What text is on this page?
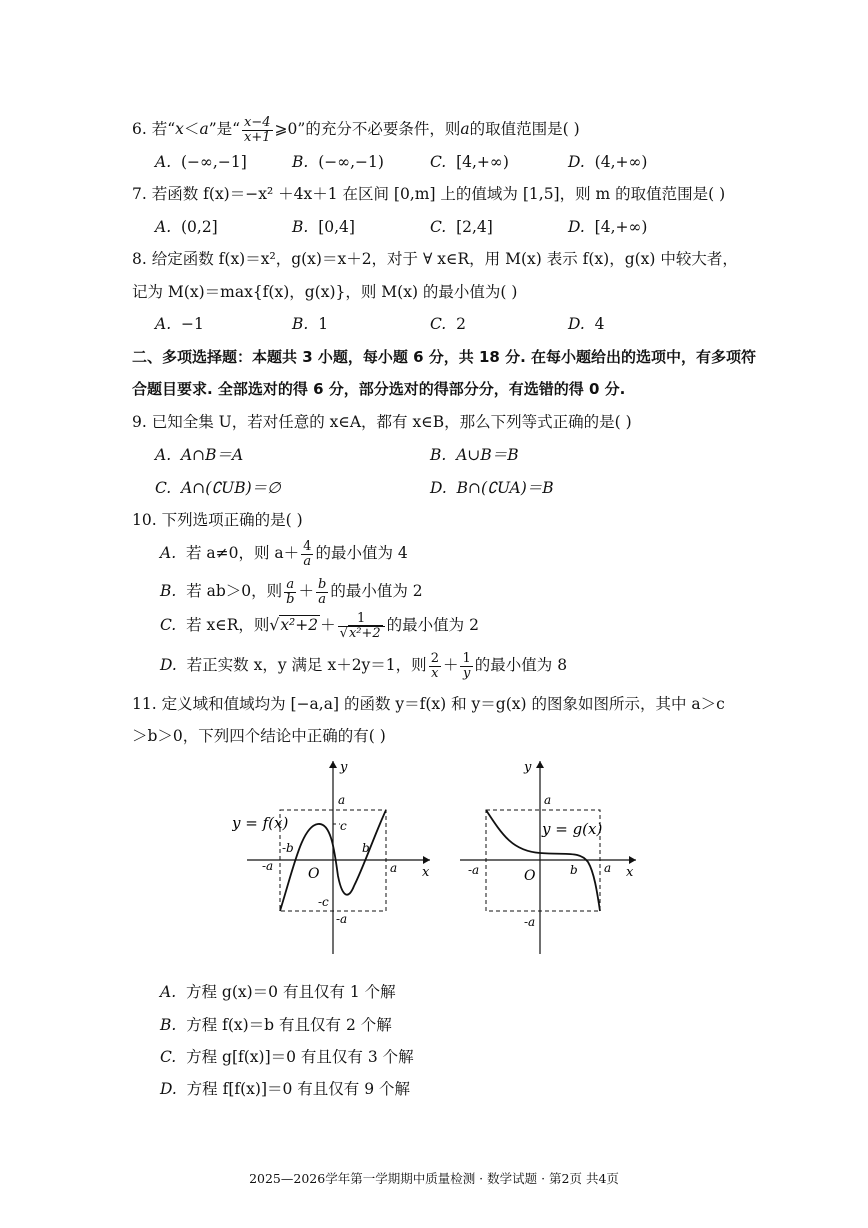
6. 若“x＜a”是“ $\frac{x-4}{x+1}$ ⩾0”的充分不必要条件，则a的取值范围是( )
A. (−∞,−1]	B. (−∞,−1)	C. [4,+∞)	D. (4,+∞)
7. 若函数 f(x)＝−x² ＋4x＋1 在区间 [0,m] 上的值域为 [1,5]，则 m 的取值范围是( )
A. (0,2]	B. [0,4]	C. [2,4]	D. [4,+∞)
8. 给定函数 f(x)＝x²，g(x)＝x＋2，对于 ∀ x∈R，用 M(x) 表示 f(x)，g(x) 中较大者，
记为 M(x)＝max{f(x)，g(x)}，则 M(x) 的最小值为( )
A. −1	B. 1	C. 2	D. 4
二、多项选择题：本题共 3 小题，每小题 6 分，共 18 分. 在每小题给出的选项中，有多项符
合题目要求. 全部选对的得 6 分，部分选对的得部分分，有选错的得 0 分.
9. 已知全集 U，若对任意的 x∈A，都有 x∈B，那么下列等式正确的是( )
A. A∩B＝A	B. A∪B＝B
C. A∩(∁UB)＝∅	D. B∩(∁UA)＝B
10. 下列选项正确的是( )
A. 若 a≠0，则 $a+ \frac{4}{a}$ 的最小值为 4
B. 若 ab＞0，则 $\frac{a}{b} + \frac{b}{a}$ 的最小值为 2
C. 若 x∈R，则$√x^2+2 + \frac{1}{\text{√x²+2}}$ 的最小值为 2
D. 若正实数 x，y 满足 x＋2y＝1，则 $\frac{2}{x} + \frac{1}{y}$ 的最小值为 8
11. 定义域和值域均为 [−a,a] 的函数 y＝f(x) 和 y＝g(x) 的图象如图所示，其中 a＞c
＞b＞0，下列四个结论中正确的有( )
y = f(x)
y
x
O
a
c
-b	b
-a	a
-c
-a
y = g(x)
y
x
O
a
-a	b a
-a
A. 方程 g(x)＝0 有且仅有 1 个解
B. 方程 f(x)＝b 有且仅有 2 个解
C. 方程 g[f(x)]＝0 有且仅有 3 个解
D. 方程 f[f(x)]＝0 有且仅有 9 个解
2025—2026学年第一学期期中质量检测 · 数学试题 · 第2页 共4页
